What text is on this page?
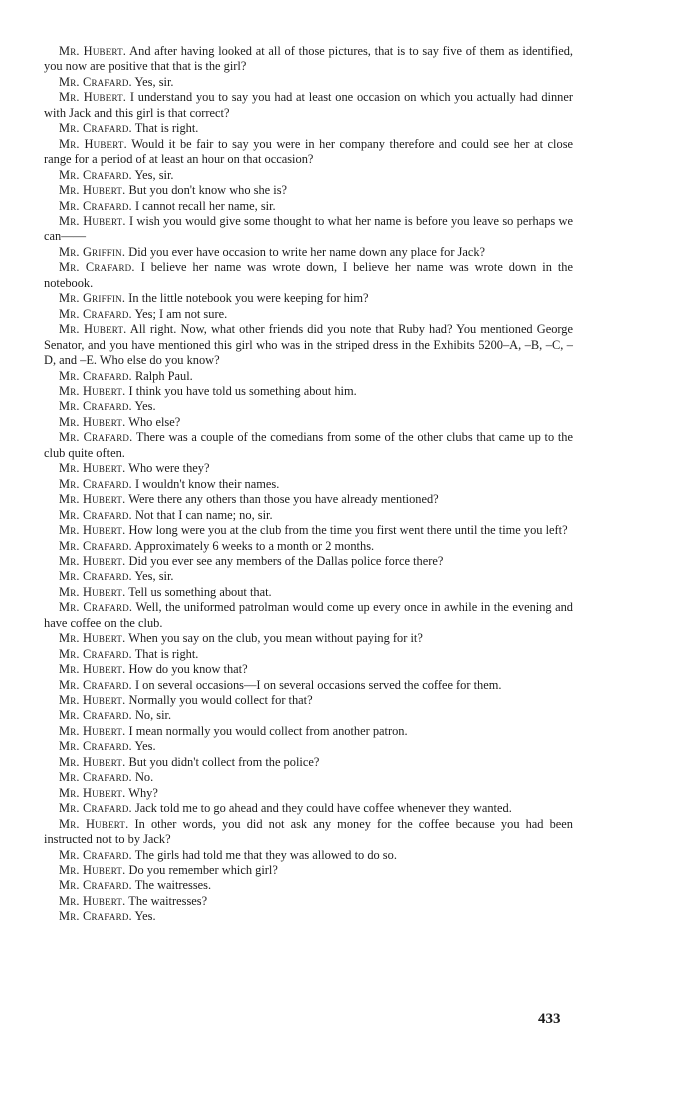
Mr. Hubert. And after having looked at all of those pictures, that is to say five of them as identified, you now are positive that that is the girl?

Mr. Crafard. Yes, sir.

Mr. Hubert. I understand you to say you had at least one occasion on which you actually had dinner with Jack and this girl is that correct?

Mr. Crafard. That is right.

Mr. Hubert. Would it be fair to say you were in her company therefore and could see her at close range for a period of at least an hour on that occasion?

Mr. Crafard. Yes, sir.

Mr. Hubert. But you don't know who she is?

Mr. Crafard. I cannot recall her name, sir.

Mr. Hubert. I wish you would give some thought to what her name is before you leave so perhaps we can——

Mr. Griffin. Did you ever have occasion to write her name down any place for Jack?

Mr. Crafard. I believe her name was wrote down, I believe her name was wrote down in the notebook.

Mr. Griffin. In the little notebook you were keeping for him?

Mr. Crafard. Yes; I am not sure.

Mr. Hubert. All right. Now, what other friends did you note that Ruby had? You mentioned George Senator, and you have mentioned this girl who was in the striped dress in the Exhibits 5200–A, –B, –C, –D, and –E. Who else do you know?

Mr. Crafard. Ralph Paul.

Mr. Hubert. I think you have told us something about him.

Mr. Crafard. Yes.

Mr. Hubert. Who else?

Mr. Crafard. There was a couple of the comedians from some of the other clubs that came up to the club quite often.

Mr. Hubert. Who were they?

Mr. Crafard. I wouldn't know their names.

Mr. Hubert. Were there any others than those you have already mentioned?

Mr. Crafard. Not that I can name; no, sir.

Mr. Hubert. How long were you at the club from the time you first went there until the time you left?

Mr. Crafard. Approximately 6 weeks to a month or 2 months.

Mr. Hubert. Did you ever see any members of the Dallas police force there?

Mr. Crafard. Yes, sir.

Mr. Hubert. Tell us something about that.

Mr. Crafard. Well, the uniformed patrolman would come up every once in awhile in the evening and have coffee on the club.

Mr. Hubert. When you say on the club, you mean without paying for it?

Mr. Crafard. That is right.

Mr. Hubert. How do you know that?

Mr. Crafard. I on several occasions—I on several occasions served the coffee for them.

Mr. Hubert. Normally you would collect for that?

Mr. Crafard. No, sir.

Mr. Hubert. I mean normally you would collect from another patron.

Mr. Crafard. Yes.

Mr. Hubert. But you didn't collect from the police?

Mr. Crafard. No.

Mr. Hubert. Why?

Mr. Crafard. Jack told me to go ahead and they could have coffee whenever they wanted.

Mr. Hubert. In other words, you did not ask any money for the coffee because you had been instructed not to by Jack?

Mr. Crafard. The girls had told me that they was allowed to do so.

Mr. Hubert. Do you remember which girl?

Mr. Crafard. The waitresses.

Mr. Hubert. The waitresses?

Mr. Crafard. Yes.

433
